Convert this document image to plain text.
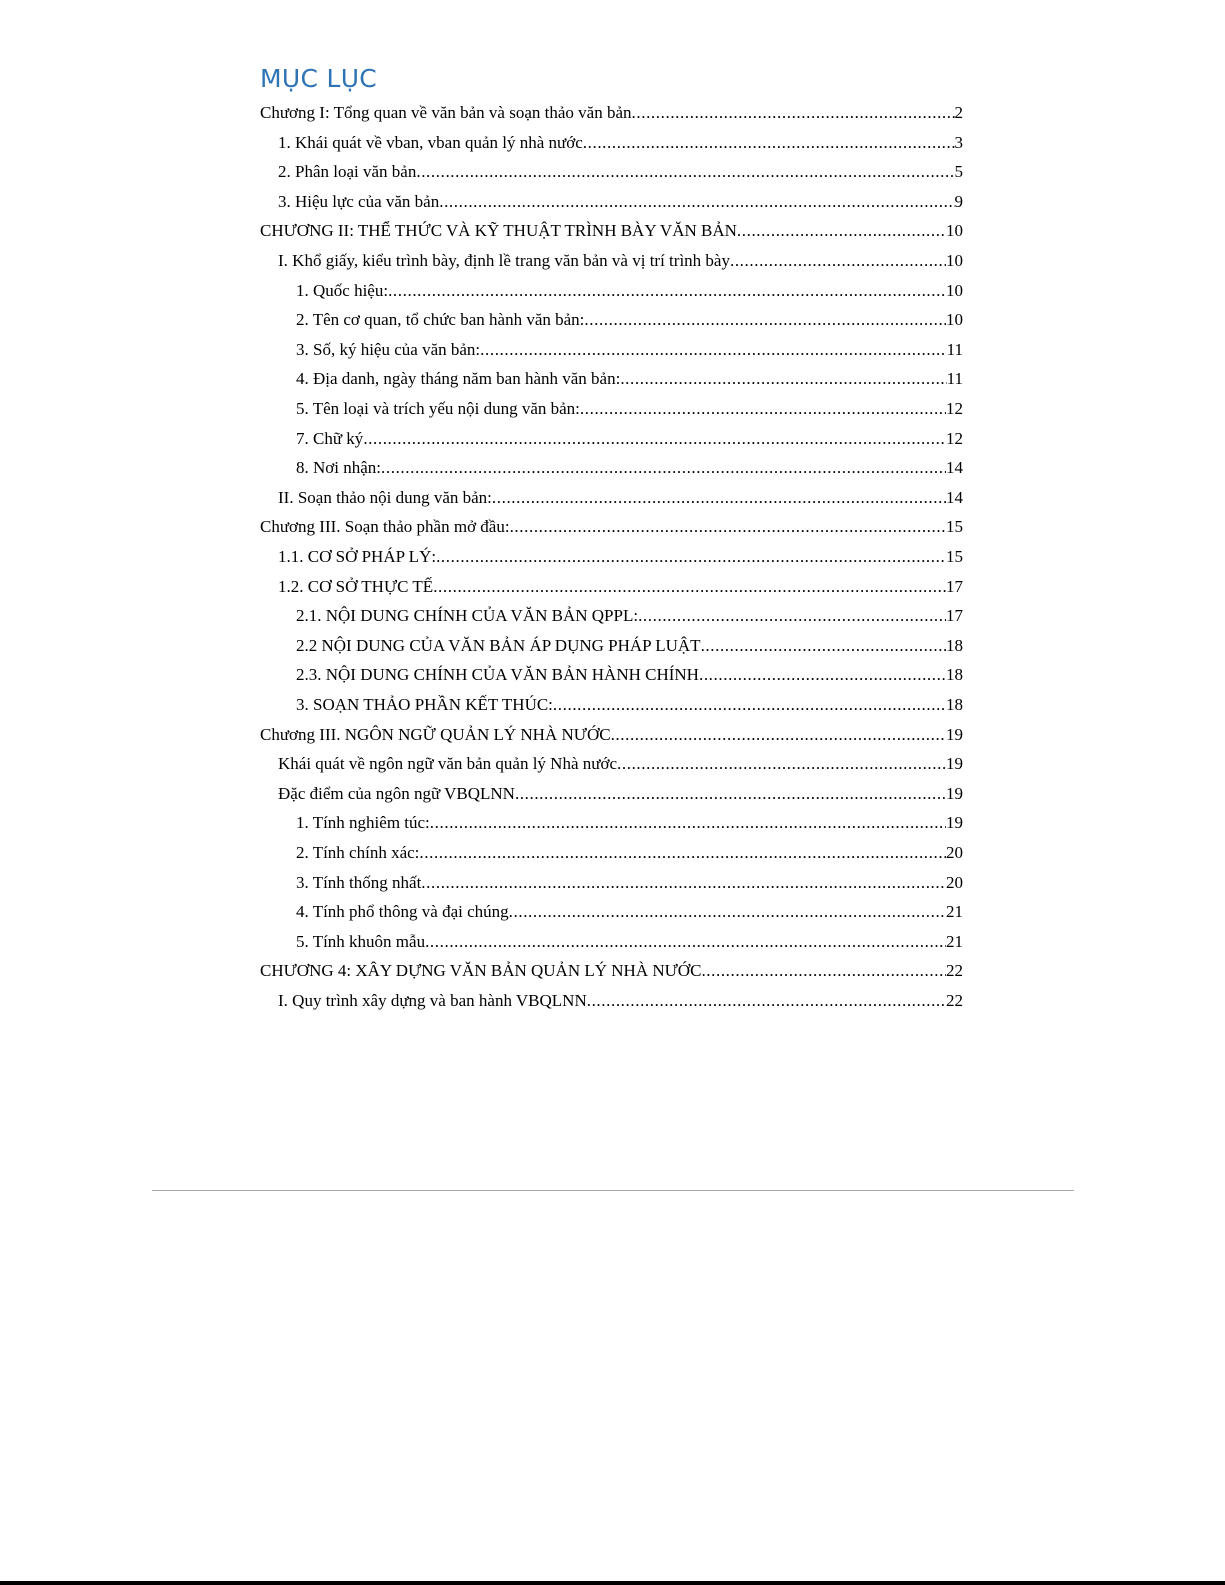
MỤC LỤC
Chương I: Tổng quan về văn bản và soạn thảo văn bản .....	2
1. Khái quát về vban, vban quản lý nhà nước .....	3
2. Phân loại văn bản .....	5
3. Hiệu lực của văn bản .....	9
CHƯƠNG II: THỂ THỨC VÀ KỸ THUẬT TRÌNH BÀY VĂN BẢN .....	10
I. Khổ giấy, kiểu trình bày, định lề trang văn bản và vị trí trình bày .....	10
1. Quốc hiệu: .....	10
2. Tên cơ quan, tổ chức ban hành văn bản: .....	10
3. Số, ký hiệu của văn bản: .....	11
4. Địa danh, ngày tháng năm ban hành văn bản: .....	11
5. Tên loại và trích yếu nội dung văn bản: .....	12
7. Chữ ký .....	12
8. Nơi nhận: .....	14
II. Soạn thảo nội dung văn bản: .....	14
Chương III. Soạn thảo phần mở đầu: .....	15
1.1. CƠ SỞ PHÁP LÝ: .....	15
1.2. CƠ SỞ THỰC TẾ .....	17
2.1. NỘI DUNG CHÍNH CỦA VĂN BẢN QPPL: .....	17
2.2 NỘI DUNG CỦA VĂN BẢN ÁP DỤNG PHÁP LUẬT .....	18
2.3. NỘI DUNG CHÍNH CỦA VĂN BẢN HÀNH CHÍNH .....	18
3. SOẠN THẢO PHẦN KẾT THÚC: .....	18
Chương III. NGÔN NGỮ QUẢN LÝ NHÀ NƯỚC .....	19
Khái quát về ngôn ngữ văn bản quản lý Nhà nước .....	19
Đặc điểm của ngôn ngữ VBQLNN .....	19
1. Tính nghiêm túc: .....	19
2. Tính chính xác: .....	20
3. Tính thống nhất .....	20
4. Tính phổ thông và đại chúng .....	21
5. Tính khuôn mẫu .....	21
CHƯƠNG 4: XÂY DỰNG VĂN BẢN QUẢN LÝ NHÀ NƯỚC .....	22
I. Quy trình xây dựng và ban hành VBQLNN .....	22
